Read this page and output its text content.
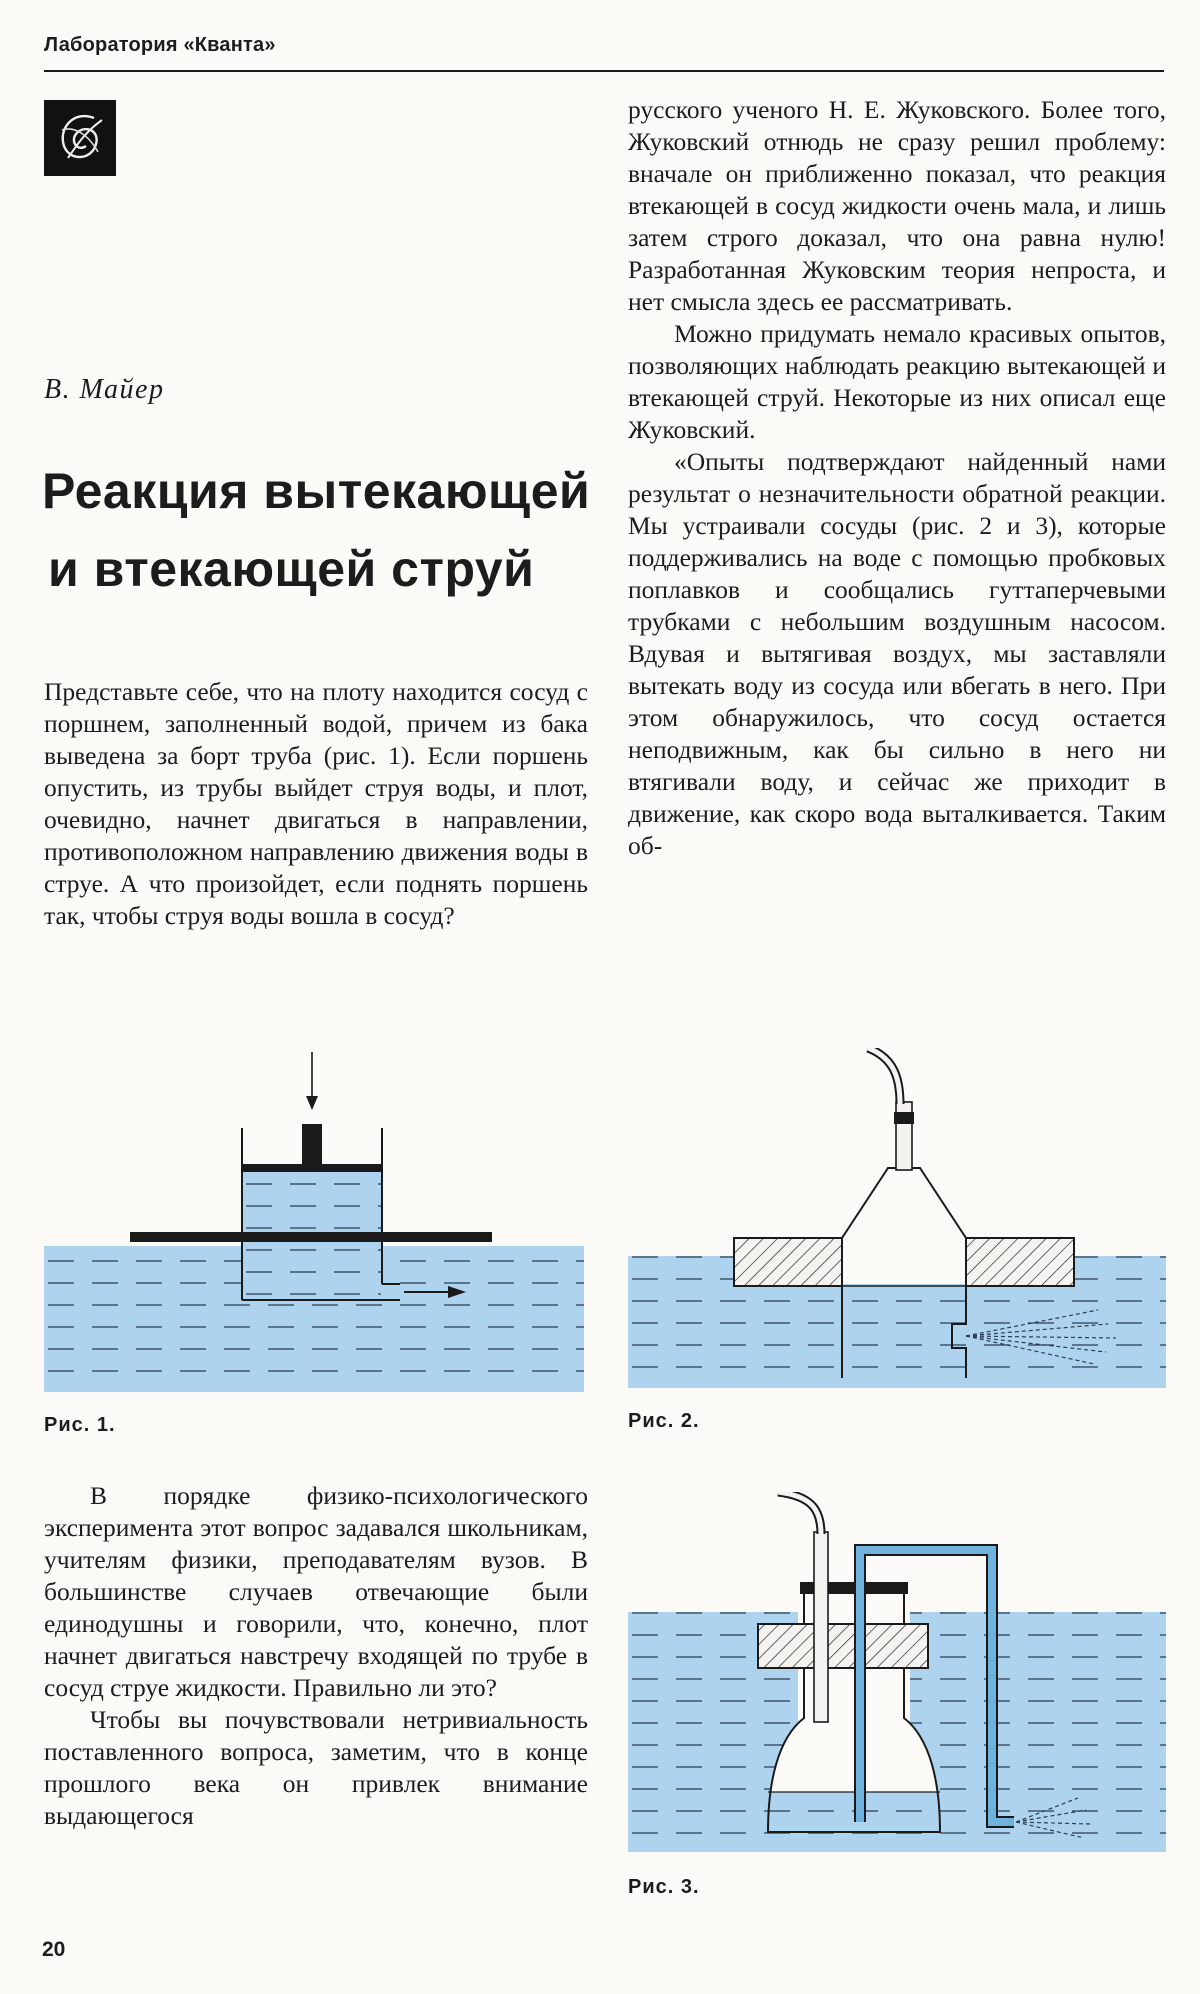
Лаборатория «Кванта»
В. Майер
Реакция вытекающей
и втекающей струй

Представьте себе, что на плоту находится сосуд с поршнем, заполненный водой, причем из бака выведена за борт труба (рис. 1). Если поршень опустить, из трубы выйдет струя воды, и плот, очевидно, начнет двигаться в направлении, противоположном направлению движения воды в струе. А что произойдет, если поднять поршень так, чтобы струя воды вошла в сосуд?

Рис. 1.

В порядке физико-психологического эксперимента этот вопрос задавался школьникам, учителям физики, преподавателям вузов. В большинстве случаев отвечающие были единодушны и говорили, что, конечно, плот начнет двигаться навстречу входящей по трубе в сосуд струе жидкости. Правильно ли это?

Чтобы вы почувствовали нетривиальность поставленного вопроса, заметим, что в конце прошлого века он привлек внимание выдающегося

русского ученого Н. Е. Жуковского. Более того, Жуковский отнюдь не сразу решил проблему: вначале он приближенно показал, что реакция втекающей в сосуд жидкости очень мала, и лишь затем строго доказал, что она равна нулю! Разработанная Жуковским теория непроста, и нет смысла здесь ее рассматривать.

Можно придумать немало красивых опытов, позволяющих наблюдать реакцию вытекающей и втекающей струй. Некоторые из них описал еще Жуковский.

«Опыты подтверждают найденный нами результат о незначительности обратной реакции. Мы устраивали сосуды (рис. 2 и 3), которые поддерживались на воде с помощью пробковых поплавков и сообщались гуттаперчевыми трубками с небольшим воздушным насосом. Вдувая и вытягивая воздух, мы заставляли вытекать воду из сосуда или вбегать в него. При этом обнаружилось, что сосуд остается неподвижным, как бы сильно в него ни втягивали воду, и сейчас же приходит в движение, как скоро вода выталкивается. Таким об-

Рис. 2.
Рис. 3.
20
